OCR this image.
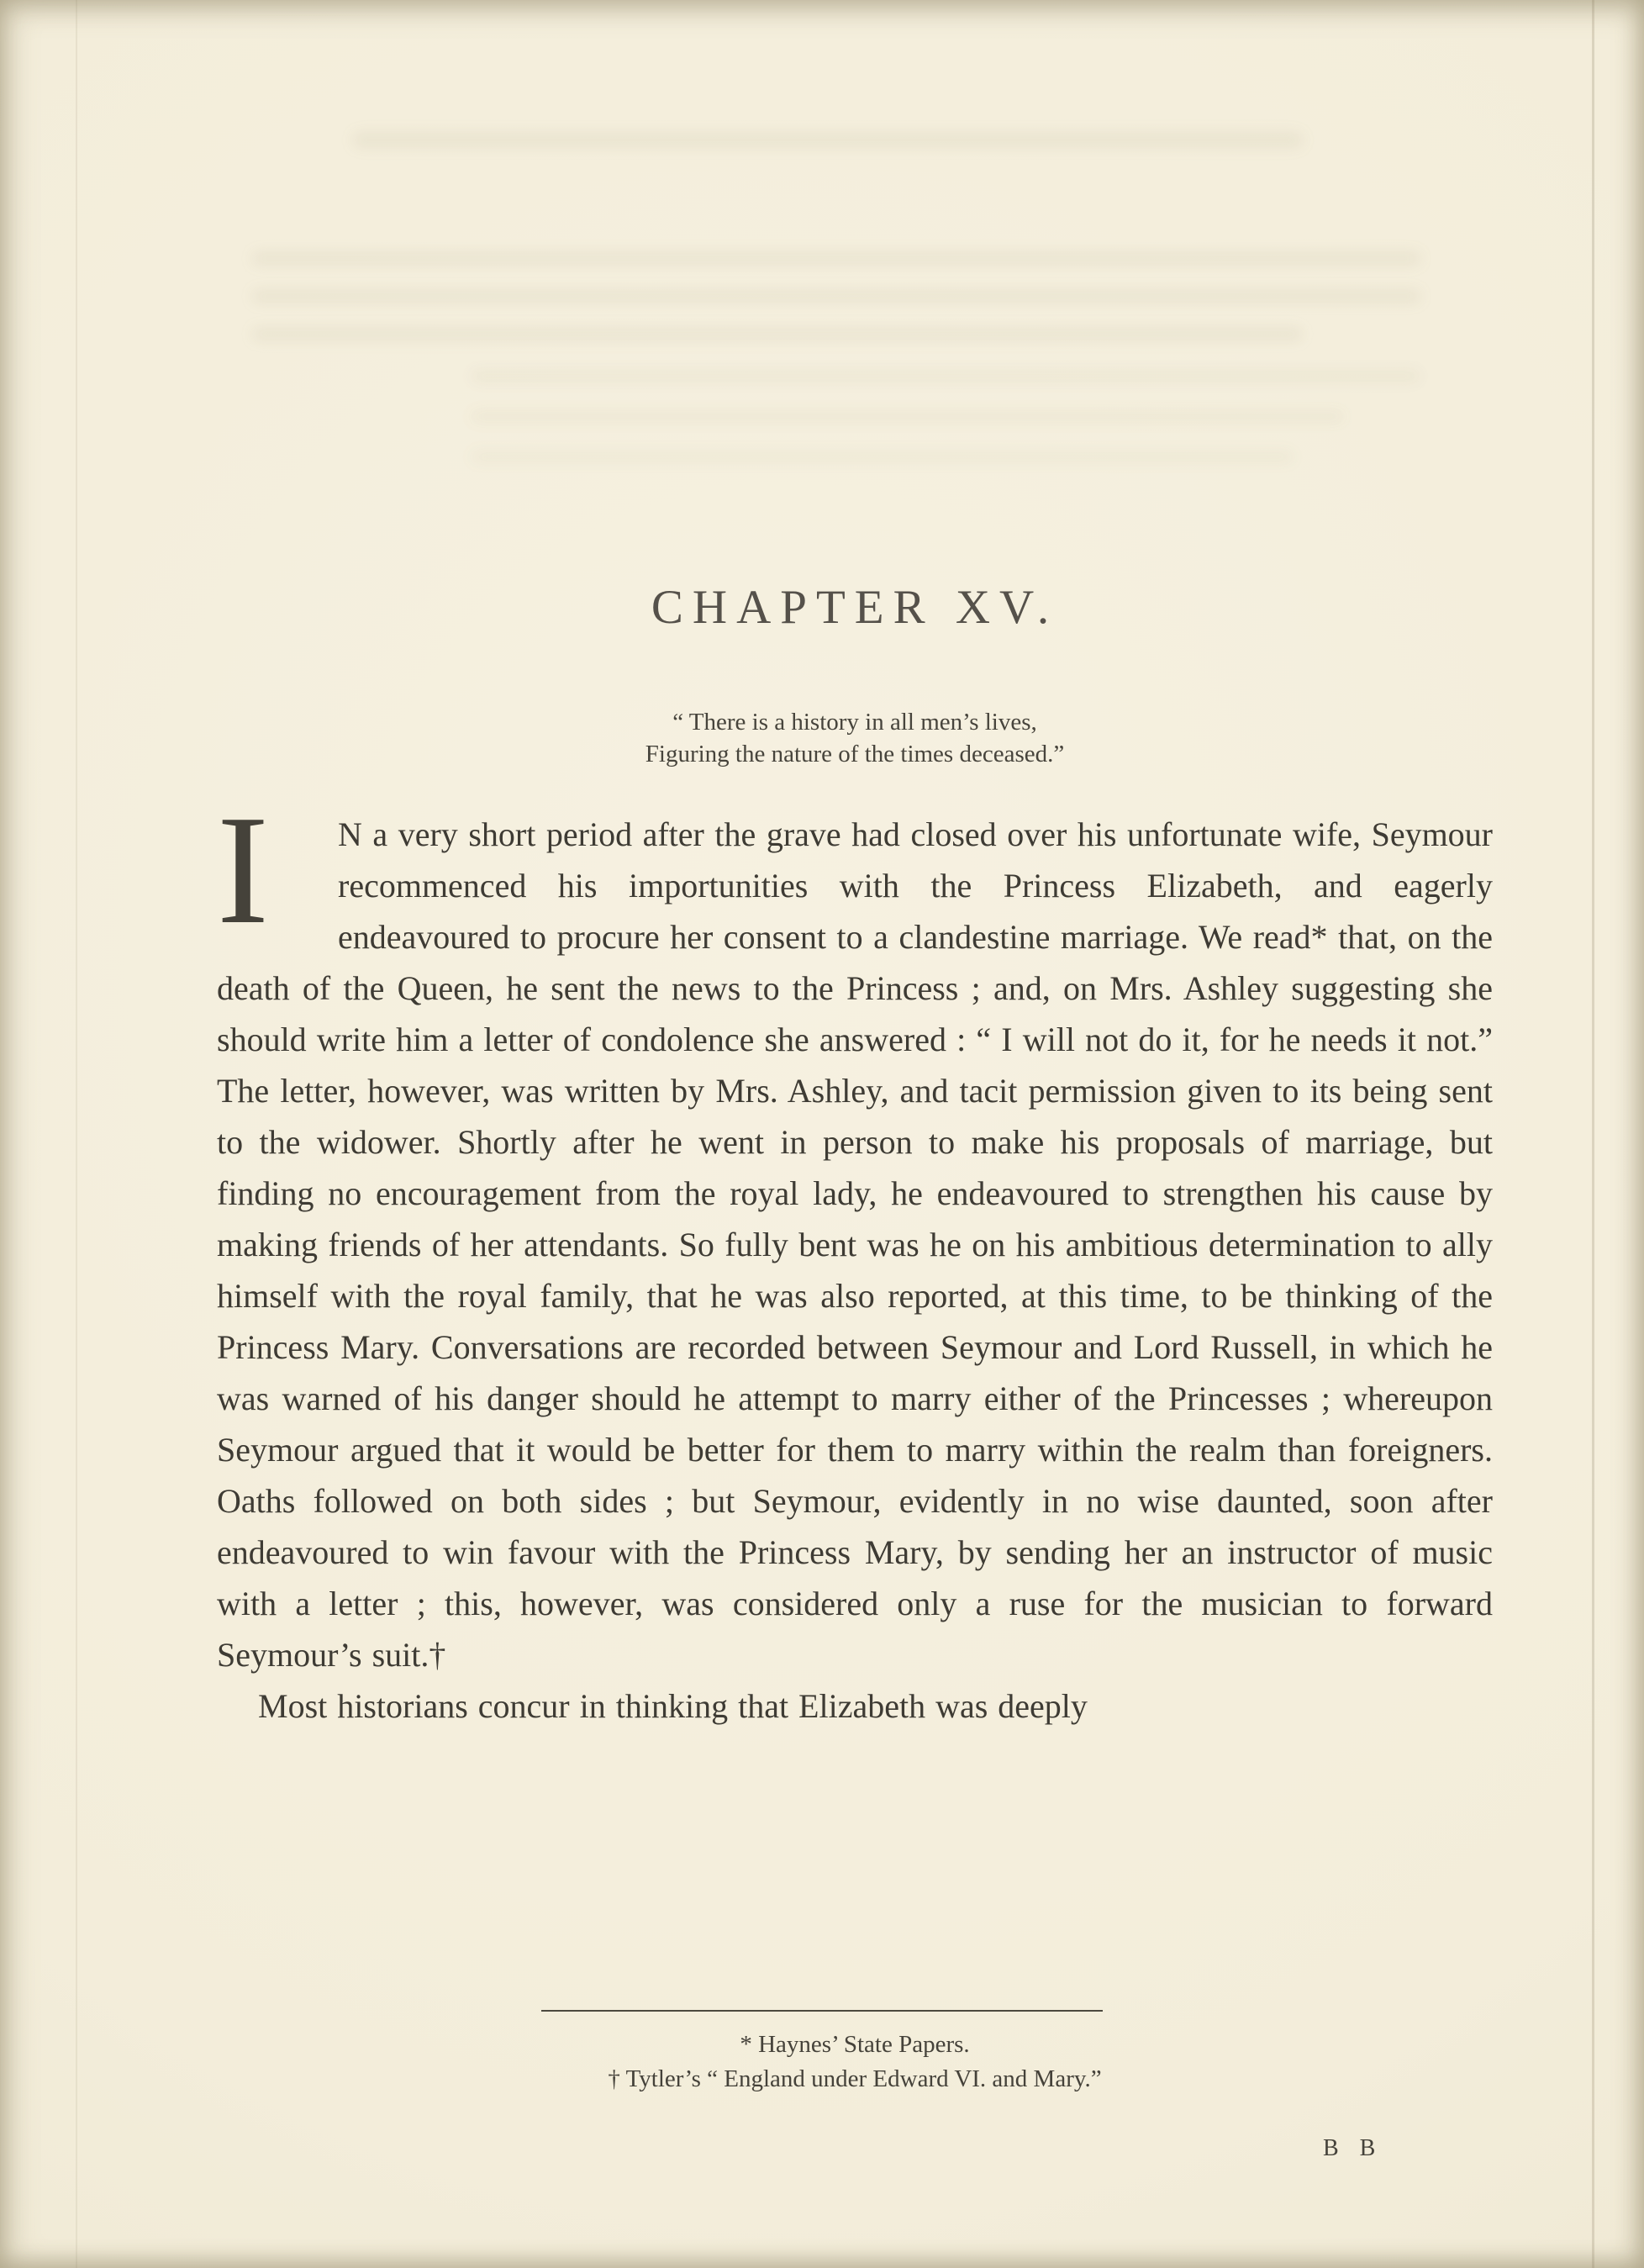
CHAPTER XV.
“ There is a history in all men’s lives,
Figuring the nature of the times deceased.”

I	N a very short period after the grave had closed over his unfortunate wife, Seymour recommenced his importunities with the Princess Elizabeth, and eagerly endeavoured to procure her consent to a clandestine marriage. We read* that, on the death of the Queen, he sent the news to the Princess ; and, on Mrs. Ashley suggesting she should write him a letter of condolence she answered : “ I will not do it, for he needs it not.” The letter, however, was written by Mrs. Ashley, and tacit permission given to its being sent to the widower. Shortly after he went in person to make his proposals of marriage, but finding no encouragement from the royal lady, he endeavoured to strengthen his cause by making friends of her attendants. So fully bent was he on his ambitious determination to ally himself with the royal family, that he was also reported, at this time, to be thinking of the Princess Mary. Conversations are recorded between Seymour and Lord Russell, in which he was warned of his danger should he attempt to marry either of the Princesses ; whereupon Seymour argued that it would be better for them to marry within the realm than foreigners. Oaths followed on both sides ; but Seymour, evidently in no wise daunted, soon after endeavoured to win favour with the Princess Mary, by sending her an instructor of music with a letter ; this, however, was considered only a ruse for the musician to forward Seymour’s suit.†

Most historians concur in thinking that Elizabeth was deeply

* Haynes’ State Papers.
† Tytler’s “ England under Edward VI. and Mary.”
B B
